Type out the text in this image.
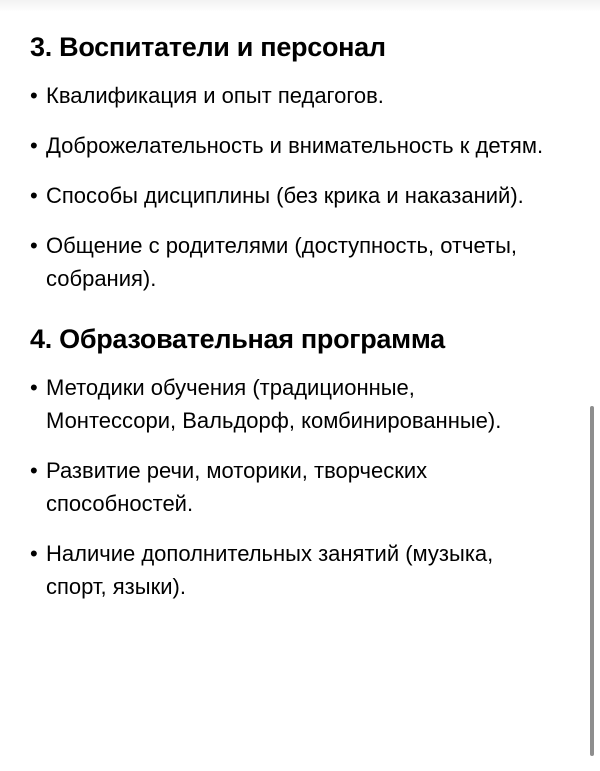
3. Воспитатели и персонал
• Квалификация и опыт педагогов.
• Доброжелательность и внимательность к детям.
• Способы дисциплины (без крика и наказаний).
• Общение с родителями (доступность, отчеты, собрания).
4. Образовательная программа
• Методики обучения (традиционные, Монтессори, Вальдорф, комбинированные).
• Развитие речи, моторики, творческих способностей.
• Наличие дополнительных занятий (музыка, спорт, языки).
